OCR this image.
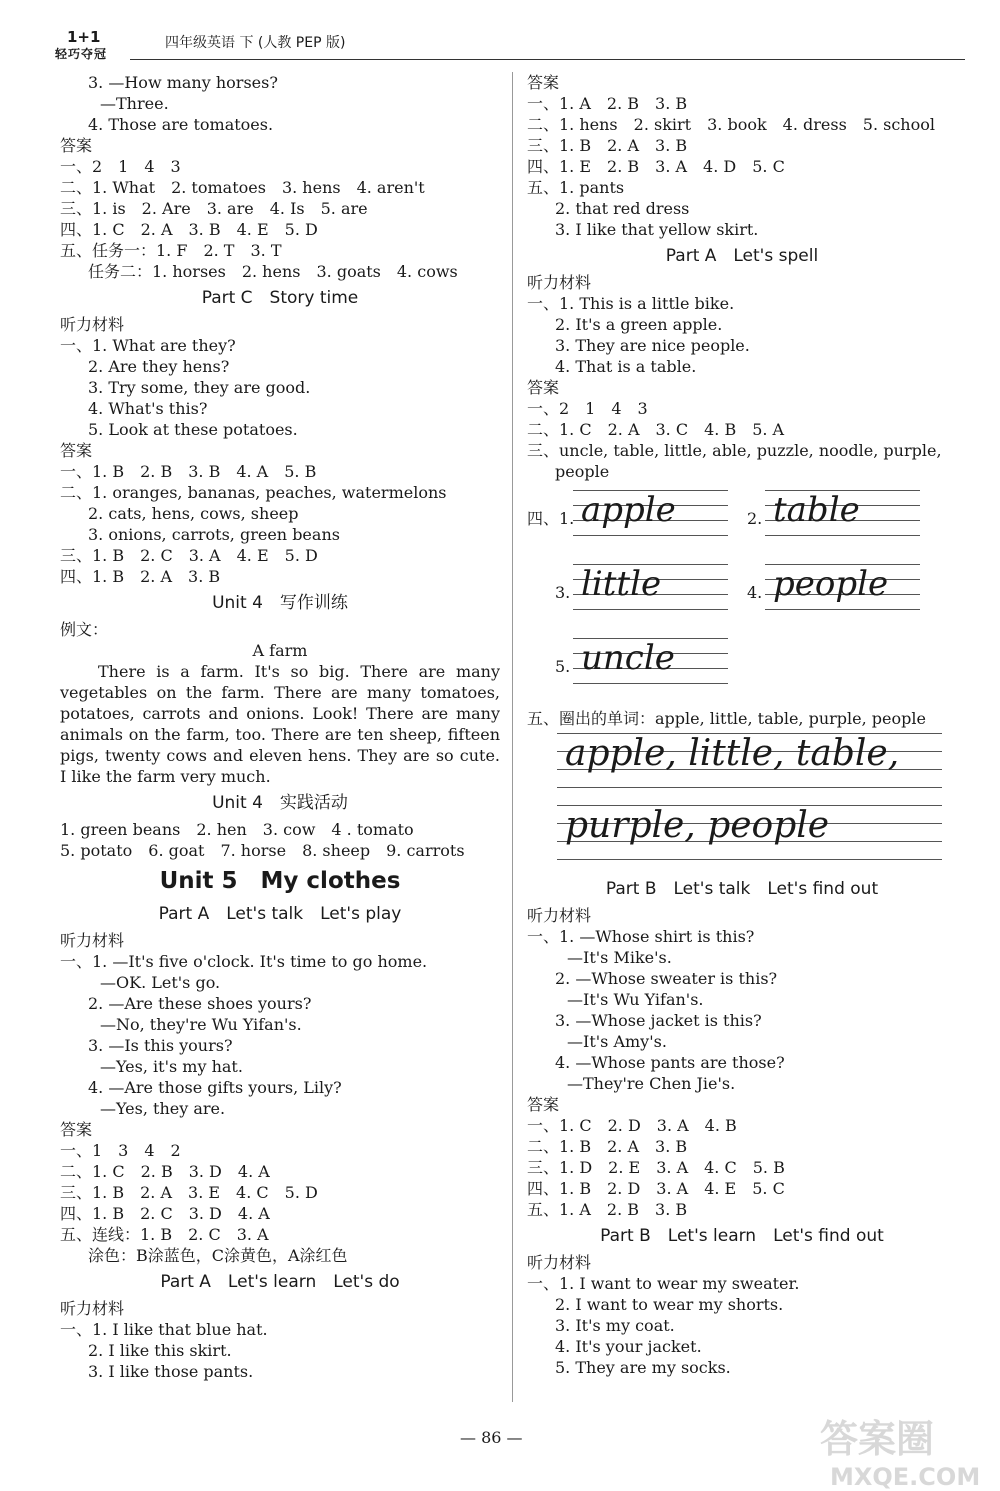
1+1
轻巧夺冠
四年级英语 下 (人教 PEP 版)
3. —How many horses?
—Three.
4. Those are tomatoes.
答案
一、2　1　4　3
二、1. What　2. tomatoes　3. hens　4. aren't
三、1. is　2. Are　3. are　4. Is　5. are
四、1. C　2. A　3. B　4. E　5. D
五、任务一：1. F　2. T　3. T
任务二：1. horses　2. hens　3. goats　4. cows
Part C　Story time
听力材料
一、1. What are they?
2. Are they hens?
3. Try some, they are good.
4. What's this?
5. Look at these potatoes.
答案
一、1. B　2. B　3. B　4. A　5. B
二、1. oranges, bananas, peaches, watermelons
2. cats, hens, cows, sheep
3. onions, carrots, green beans
三、1. B　2. C　3. A　4. E　5. D
四、1. B　2. A　3. B
Unit 4　写作训练
例文：
A farm
There is a farm. It's so big. There are many vegetables on the farm. There are many tomatoes, potatoes, carrots and onions. Look! There are many animals on the farm, too. There are ten sheep, fifteen pigs, twenty cows and eleven hens. They are so cute. I like the farm very much.
Unit 4　实践活动
1. green beans　2. hen　3. cow　4 . tomato
5. potato　6. goat　7. horse　8. sheep　9. carrots
Unit 5　My clothes
Part A　Let's talk　Let's play
听力材料
一、1. —It's five o'clock. It's time to go home.
—OK. Let's go.
2. —Are these shoes yours?
—No, they're Wu Yifan's.
3. —Is this yours?
—Yes, it's my hat.
4. —Are those gifts yours, Lily?
—Yes, they are.
答案
一、1　3　4　2
二、1. C　2. B　3. D　4. A
三、1. B　2. A　3. E　4. C　5. D
四、1. B　2. C　3. D　4. A
五、连线：1. B　2. C　3. A
涂色：B涂蓝色，C涂黄色，A涂红色
Part A　Let's learn　Let's do
听力材料
一、1. I like that blue hat.
2. I like this skirt.
3. I like those pants.
答案
一、1. A　2. B　3. B
二、1. hens　2. skirt　3. book　4. dress　5. school
三、1. B　2. A　3. B
四、1. E　2. B　3. A　4. D　5. C
五、1. pants
2. that red dress
3. I like that yellow skirt.
Part A　Let's spell
听力材料
一、1. This is a little bike.
2. It's a green apple.
3. They are nice people.
4. That is a table.
答案
一、2　1　4　3
二、1. C　2. A　3. C　4. B　5. A
三、uncle, table, little, able, puzzle, noodle, purple,
people
四、1. apple	2. table
3. little	4. people
5. uncle
五、圈出的单词：apple, little, table, purple, people
apple, little, table,
purple, people
Part B　Let's talk　Let's find out
听力材料
一、1. —Whose shirt is this?
—It's Mike's.
2. —Whose sweater is this?
—It's Wu Yifan's.
3. —Whose jacket is this?
—It's Amy's.
4. —Whose pants are those?
—They're Chen Jie's.
答案
一、1. C　2. D　3. A　4. B
二、1. B　2. A　3. B
三、1. D　2. E　3. A　4. C　5. B
四、1. B　2. D　3. A　4. E　5. C
五、1. A　2. B　3. B
Part B　Let's learn　Let's find out
听力材料
一、1. I want to wear my sweater.
2. I want to wear my shorts.
3. It's my coat.
4. It's your jacket.
5. They are my socks.
— 86 —	答案圈
MXQE.COM
